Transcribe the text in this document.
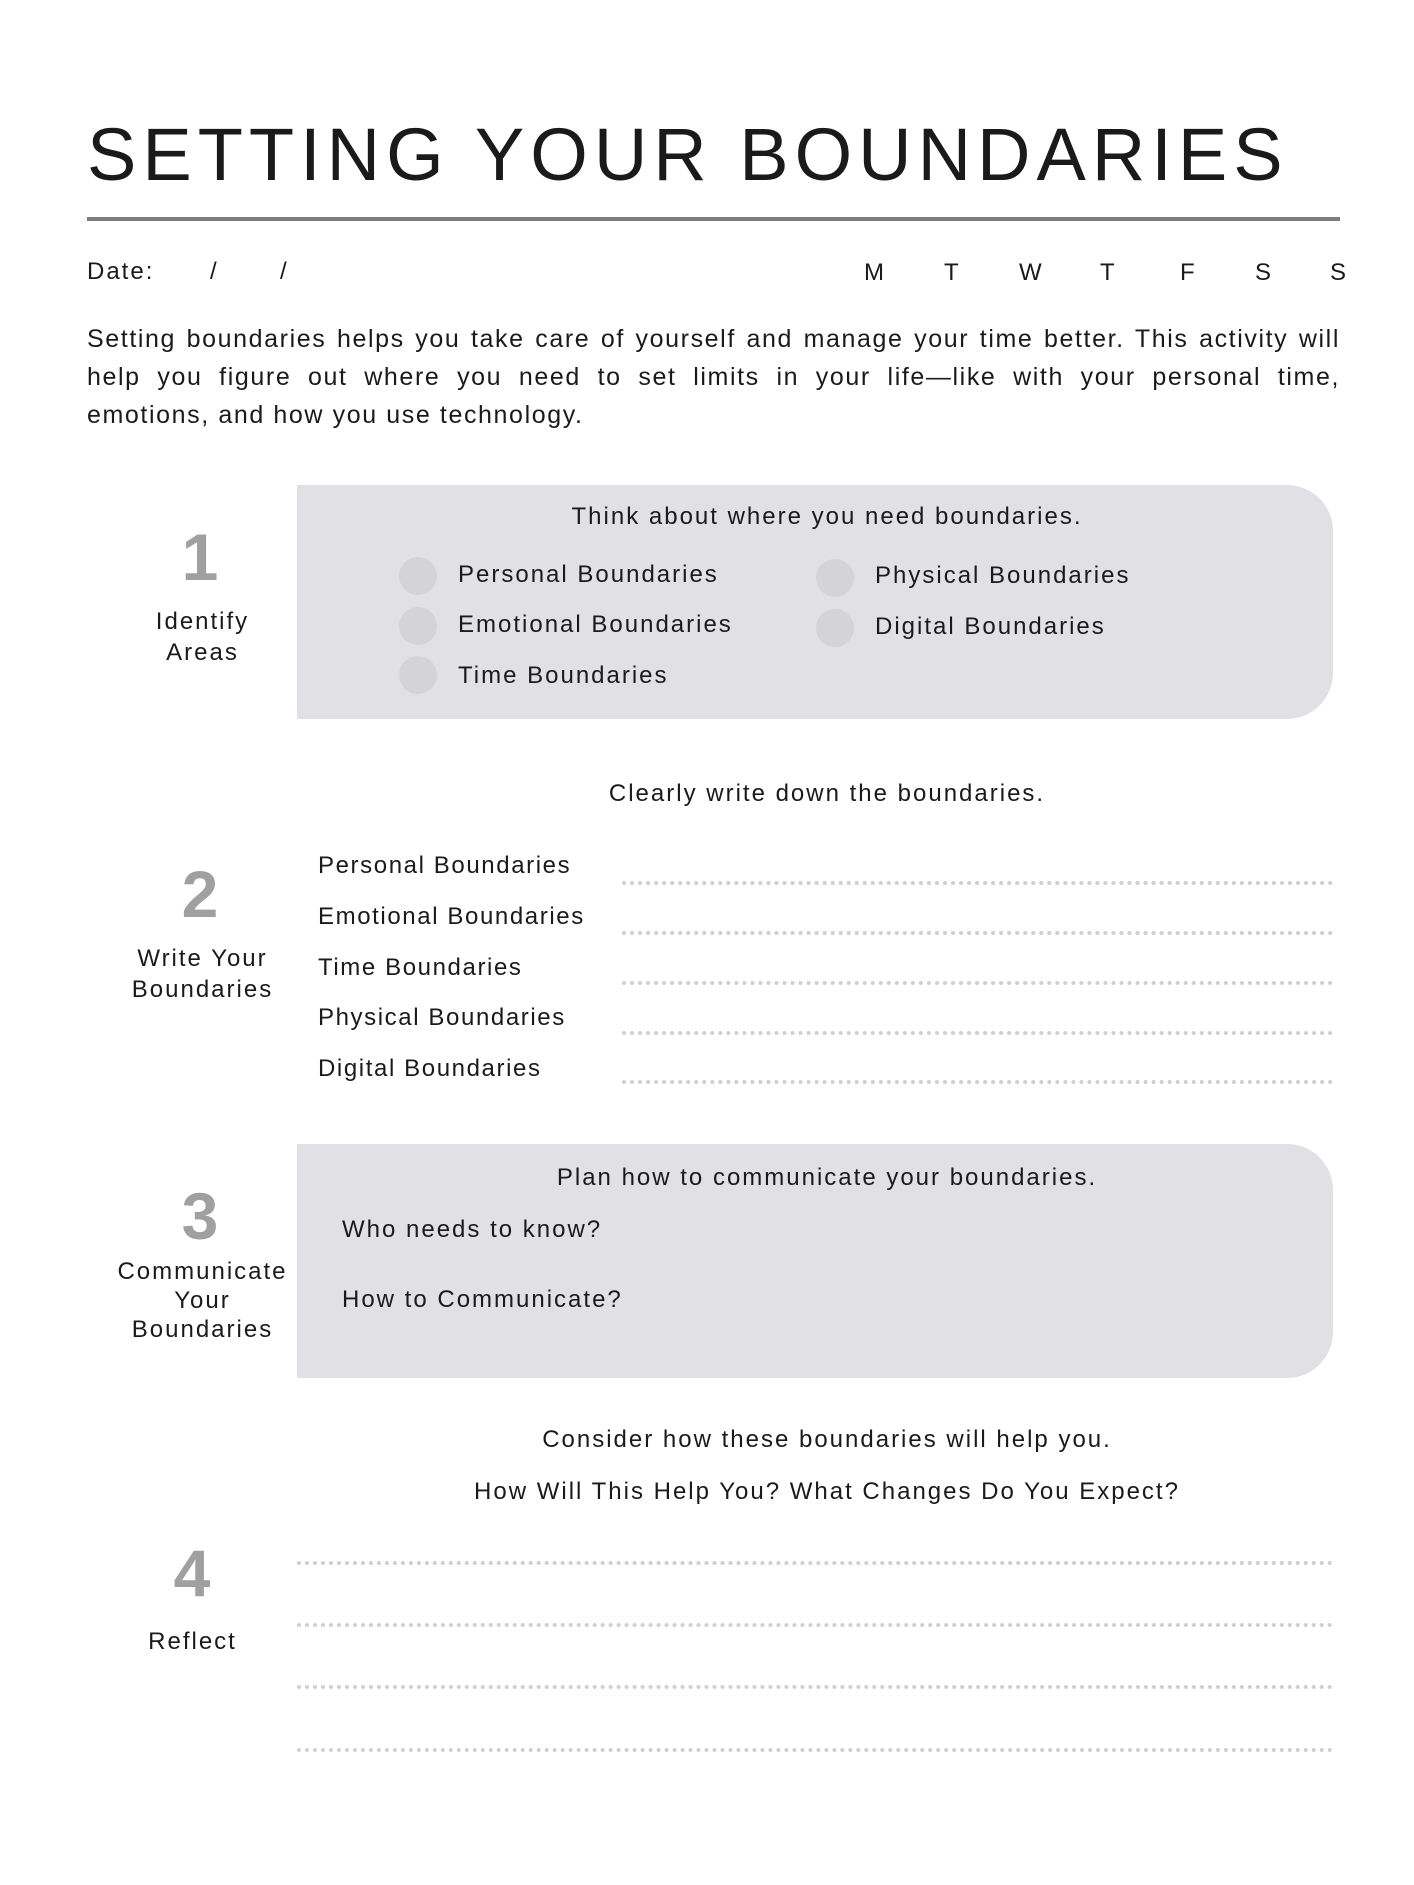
SETTING YOUR BOUNDARIES
Date: /	/	M T W T	F S S
Setting boundaries helps you take care of yourself and manage your time better. This activity will help you figure out where you need to set limits in your life—like with your personal time, emotions, and how you use technology.
1
Identify
Areas
Think about where you need boundaries.
Personal Boundaries
Emotional Boundaries
Time Boundaries
Physical Boundaries
Digital Boundaries
Clearly write down the boundaries.
2
Write Your
Boundaries
Personal Boundaries
Emotional Boundaries
Time Boundaries
Physical Boundaries
Digital Boundaries
Plan how to communicate your boundaries.
Who needs to know?
How to Communicate?
3
Communicate
Your
Boundaries
Consider how these boundaries will help you.
How Will This Help You? What Changes Do You Expect?
4
Reflect
